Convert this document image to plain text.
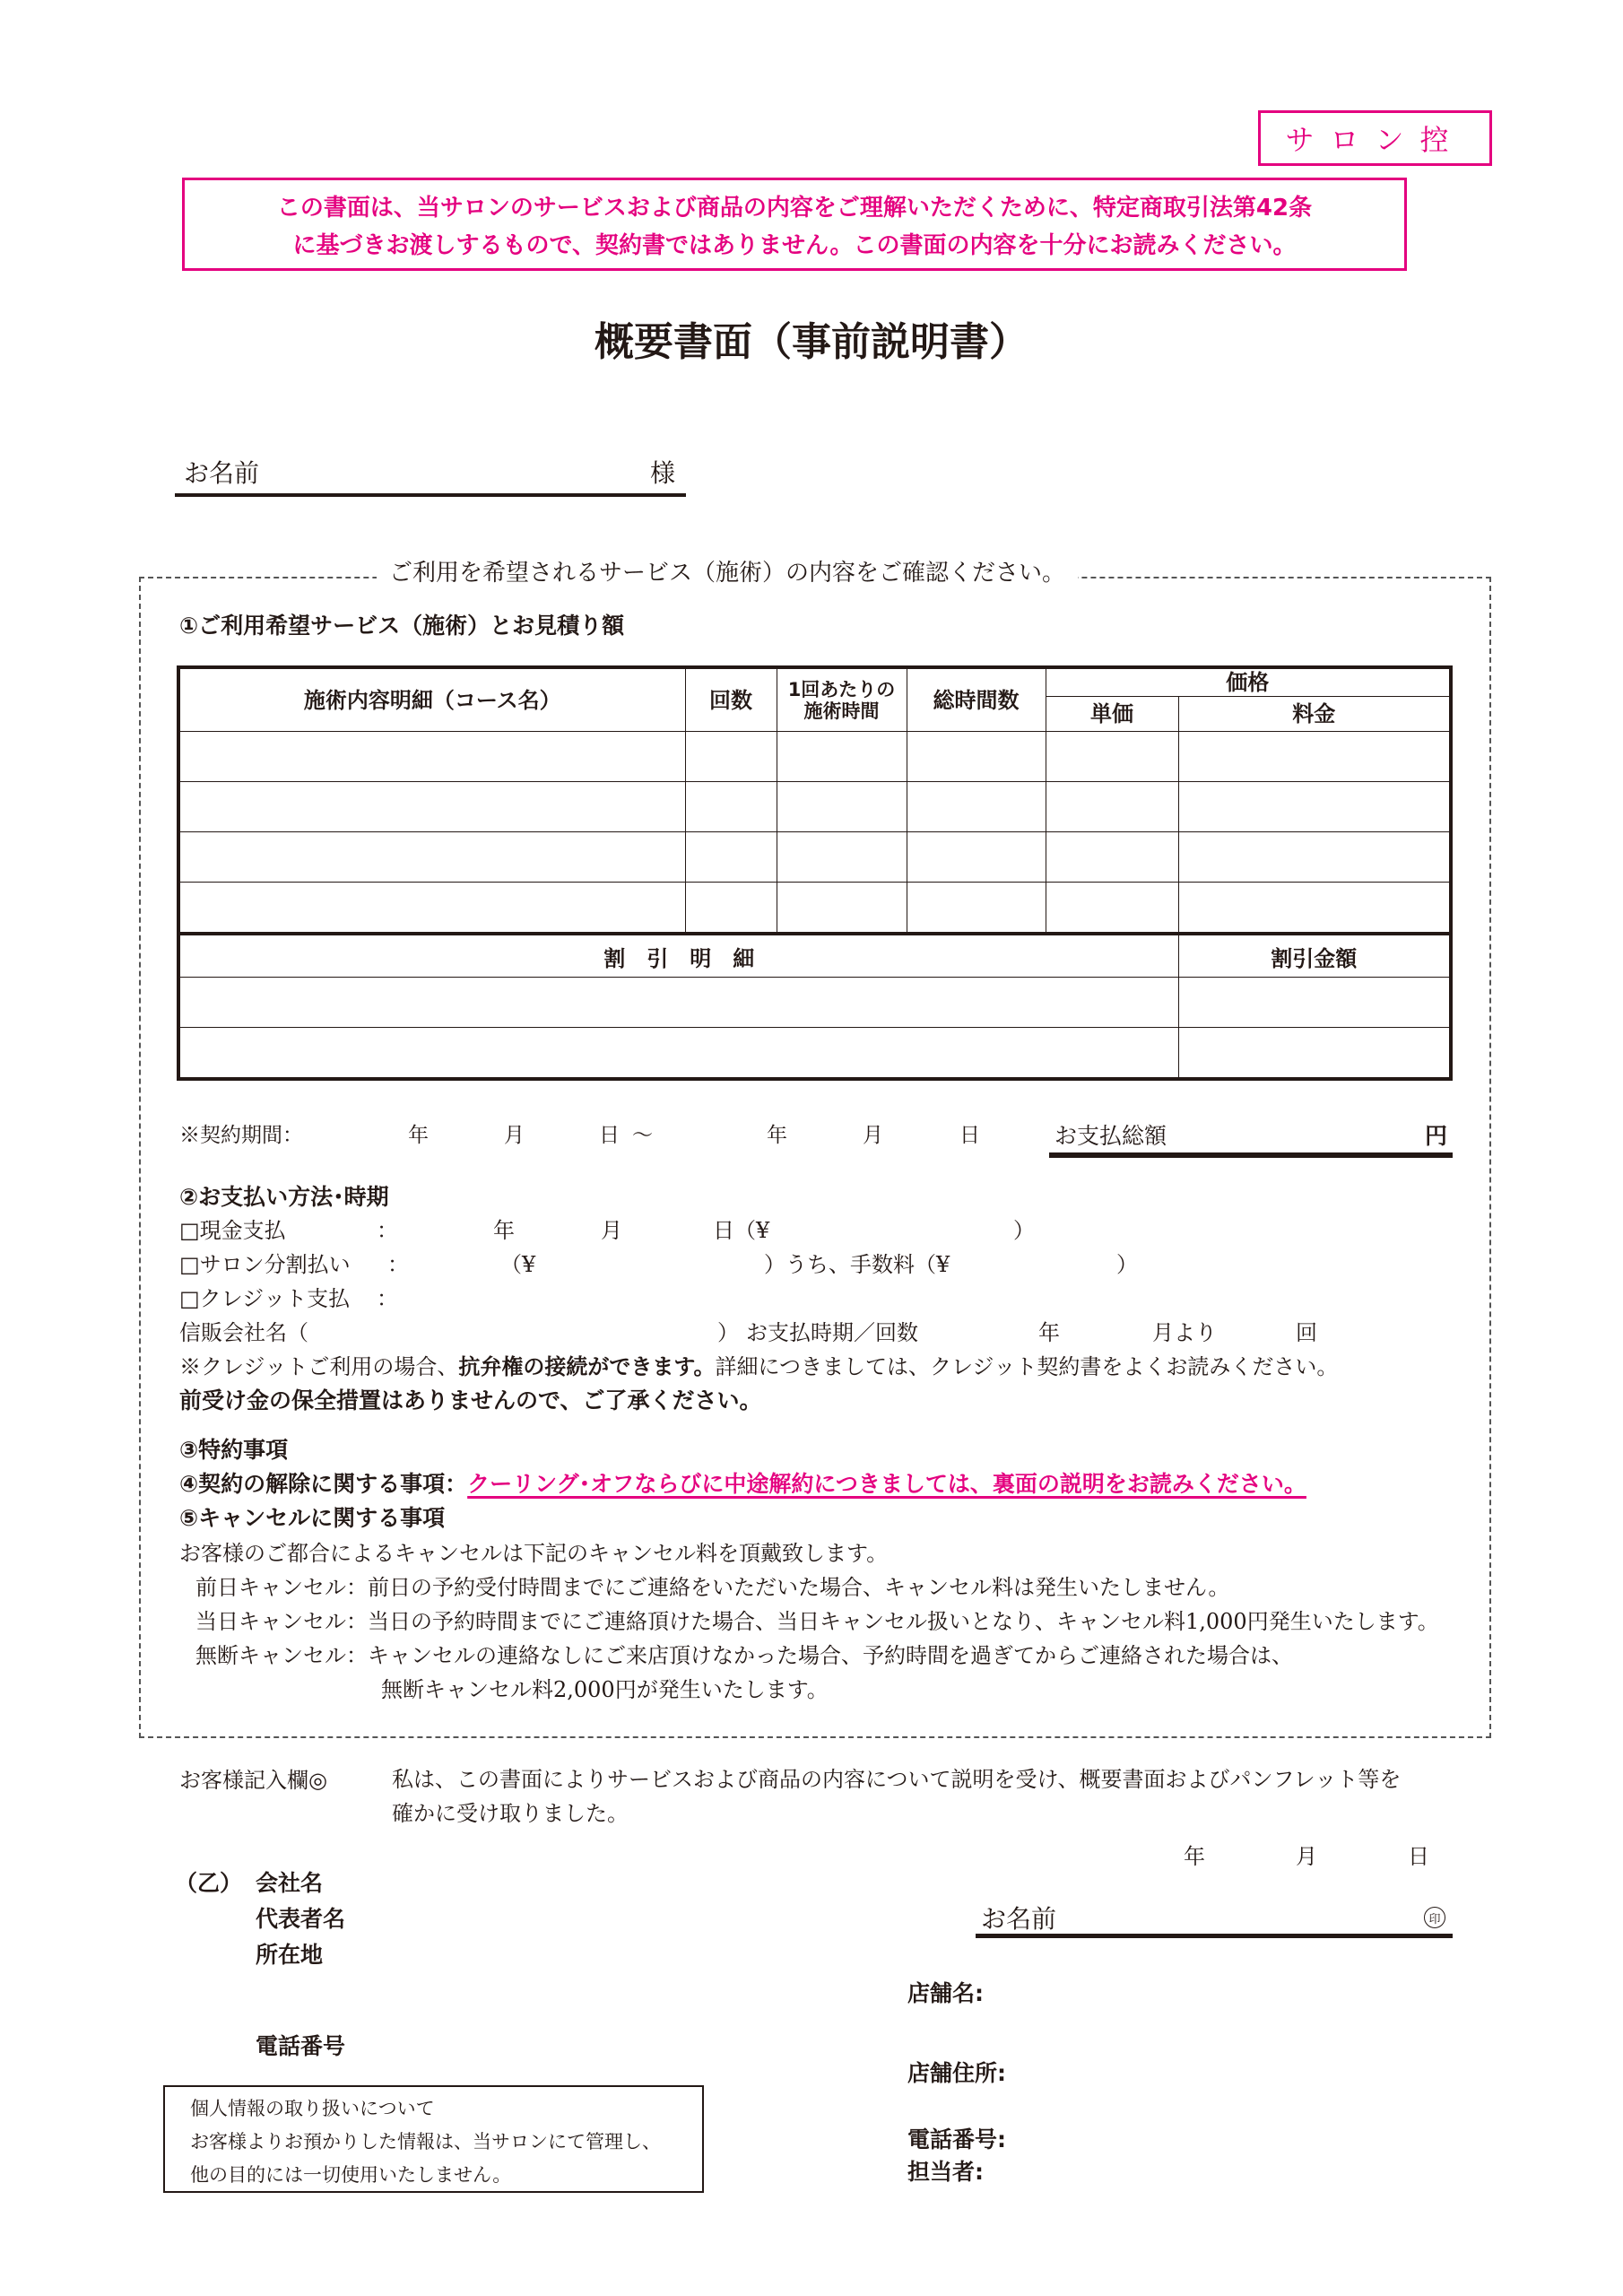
サロン控
この書面は、当サロンのサービスおよび商品の内容をご理解いただくために、特定商取引法第42条
に基づきお渡しするもので、契約書ではありません。この書面の内容を十分にお読みください。
概要書面（事前説明書）
お名前	様
ご利用を希望されるサービス（施術）の内容をご確認ください。
①ご利用希望サービス（施術）とお見積り額
施術内容明細（コース名）	回数	1回あたりの
施術時間	総時間数	価格	
				単価	料金

割　引　明　細					割引金額

※契約期間：	年	月	日 ～	年	月	日	お支払総額	円
②お支払い方法･時期
□現金支払	：	年	月	日（¥	）
□サロン分割払い ：	（¥	）うち、手数料（¥	）
□クレジット支払 ：
信販会社名（	） お支払時期／回数	年	月より	回
※クレジットご利用の場合、抗弁権の接続ができます。詳細につきましては、クレジット契約書をよくお読みください。
前受け金の保全措置はありませんので、ご了承ください。
③特約事項
④契約の解除に関する事項：クーリング･オフならびに中途解約につきましては、裏面の説明をお読みください。
⑤キャンセルに関する事項
お客様のご都合によるキャンセルは下記のキャンセル料を頂戴致します。
前日キャンセル：前日の予約受付時間までにご連絡をいただいた場合、キャンセル料は発生いたしません。
当日キャンセル：当日の予約時間までにご連絡頂けた場合、当日キャンセル扱いとなり、キャンセル料1,000円発生いたします。
無断キャンセル：キャンセルの連絡なしにご来店頂けなかった場合、予約時間を過ぎてからご連絡された場合は、
無断キャンセル料2,000円が発生いたします。
お客様記入欄◎	私は、この書面によりサービスおよび商品の内容について説明を受け、概要書面およびパンフレット等を
確かに受け取りました。
年	月	日
（乙） 会社名
代表者名
所在地
電話番号
お名前	印
店舗名:
店舗住所:
電話番号:
担当者:
個人情報の取り扱いについて
お客様よりお預かりした情報は、当サロンにて管理し、
他の目的には一切使用いたしません。
